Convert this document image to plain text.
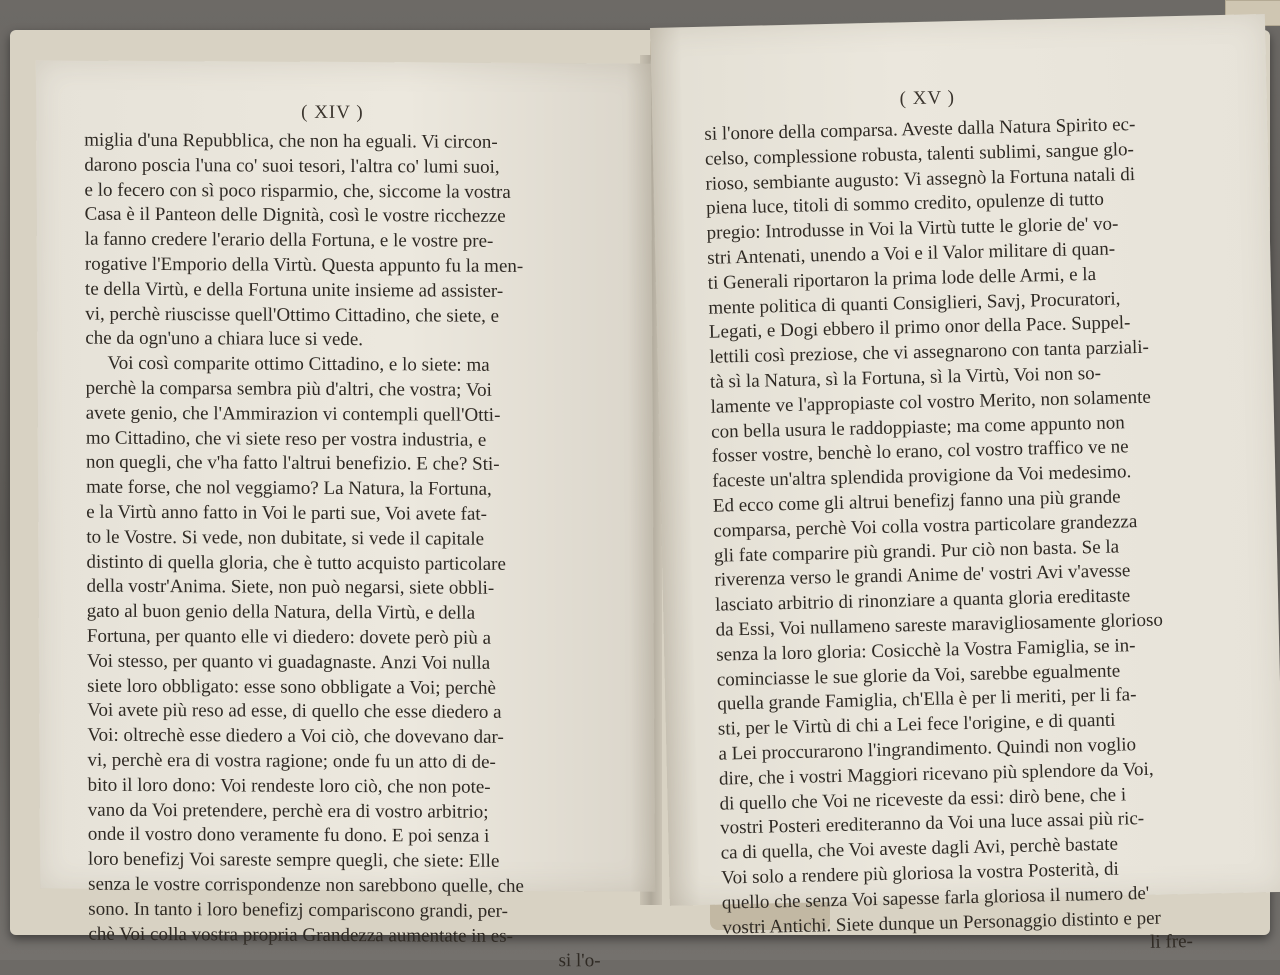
( XIV )
miglia d'una Repubblica, che non ha eguali. Vi circon-
darono poscia l'una co' suoi tesori, l'altra co' lumi suoi,
e lo fecero con sì poco risparmio, che, siccome la vostra
Casa è il Panteon delle Dignità, così le vostre ricchezze
la fanno credere l'erario della Fortuna, e le vostre pre-
rogative l'Emporio della Virtù. Questa appunto fu la men-
te della Virtù, e della Fortuna unite insieme ad assister-
vi, perchè riuscisse quell'Ottimo Cittadino, che siete, e
che da ogn'uno a chiara luce si vede.
Voi così comparite ottimo Cittadino, e lo siete: ma
perchè la comparsa sembra più d'altri, che vostra; Voi
avete genio, che l'Ammirazion vi contempli quell'Otti-
mo Cittadino, che vi siete reso per vostra industria, e
non quegli, che v'ha fatto l'altrui benefizio. E che? Sti-
mate forse, che nol veggiamo? La Natura, la Fortuna,
e la Virtù anno fatto in Voi le parti sue, Voi avete fat-
to le Vostre. Si vede, non dubitate, si vede il capitale
distinto di quella gloria, che è tutto acquisto particolare
della vostr'Anima. Siete, non può negarsi, siete obbli-
gato al buon genio della Natura, della Virtù, e della
Fortuna, per quanto elle vi diedero: dovete però più a
Voi stesso, per quanto vi guadagnaste. Anzi Voi nulla
siete loro obbligato: esse sono obbligate a Voi; perchè
Voi avete più reso ad esse, di quello che esse diedero a
Voi: oltrechè esse diedero a Voi ciò, che dovevano dar-
vi, perchè era di vostra ragione; onde fu un atto di de-
bito il loro dono: Voi rendeste loro ciò, che non pote-
vano da Voi pretendere, perchè era di vostro arbitrio;
onde il vostro dono veramente fu dono. E poi senza i
loro benefizj Voi sareste sempre quegli, che siete: Elle
senza le vostre corrispondenze non sarebbono quelle, che
sono. In tanto i loro benefizj compariscono grandi, per-
chè Voi colla vostra propria Grandezza aumentate in es-
si l'o-
( XV )
si l'onore della comparsa. Aveste dalla Natura Spirito ec-
celso, complessione robusta, talenti sublimi, sangue glo-
rioso, sembiante augusto: Vi assegnò la Fortuna natali di
piena luce, titoli di sommo credito, opulenze di tutto
pregio: Introdusse in Voi la Virtù tutte le glorie de' vo-
stri Antenati, unendo a Voi e il Valor militare di quan-
ti Generali riportaron la prima lode delle Armi, e la
mente politica di quanti Consiglieri, Savj, Procuratori,
Legati, e Dogi ebbero il primo onor della Pace. Suppel-
lettili così preziose, che vi assegnarono con tanta parziali-
tà sì la Natura, sì la Fortuna, sì la Virtù, Voi non so-
lamente ve l'appropiaste col vostro Merito, non solamente
con bella usura le raddoppiaste; ma come appunto non
fosser vostre, benchè lo erano, col vostro traffico ve ne
faceste un'altra splendida provigione da Voi medesimo.
Ed ecco come gli altrui benefizj fanno una più grande
comparsa, perchè Voi colla vostra particolare grandezza
gli fate comparire più grandi. Pur ciò non basta. Se la
riverenza verso le grandi Anime de' vostri Avi v'avesse
lasciato arbitrio di rinonziare a quanta gloria ereditaste
da Essi, Voi nullameno sareste maravigliosamente glorioso
senza la loro gloria: Cosicchè la Vostra Famiglia, se in-
cominciasse le sue glorie da Voi, sarebbe egualmente
quella grande Famiglia, ch'Ella è per li meriti, per li fa-
sti, per le Virtù di chi a Lei fece l'origine, e di quanti
a Lei proccurarono l'ingrandimento. Quindi non voglio
dire, che i vostri Maggiori ricevano più splendore da Voi,
di quello che Voi ne riceveste da essi: dirò bene, che i
vostri Posteri erediteranno da Voi una luce assai più ric-
ca di quella, che Voi aveste dagli Avi, perchè bastate
Voi solo a rendere più gloriosa la vostra Posterità, di
quello che senza Voi sapesse farla gloriosa il numero de'
vostri Antichi. Siete dunque un Personaggio distinto e per
li fre-
